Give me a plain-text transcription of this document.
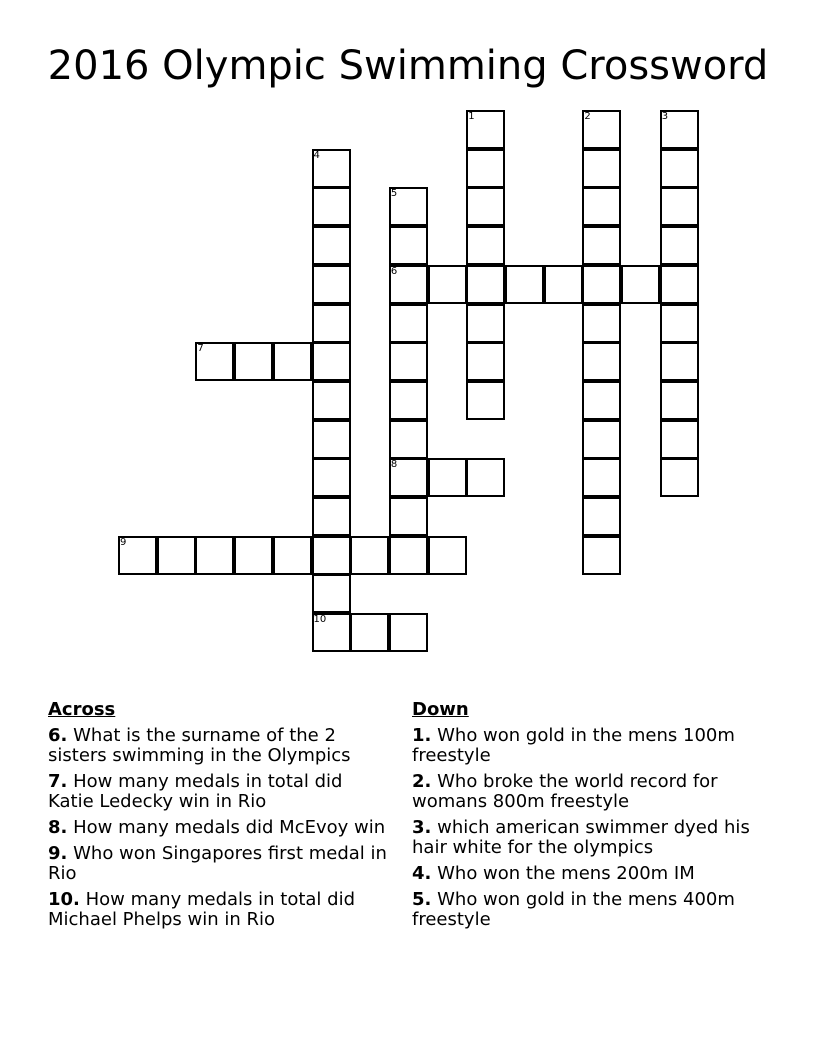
2016 Olympic Swimming Crossword
1	2	3
4
5
6
7
8
9
10
Across
6. What is the surname of the 2 sisters swimming in the Olympics
7. How many medals in total did Katie Ledecky win in Rio
8. How many medals did McEvoy win
9. Who won Singapores first medal in Rio
10. How many medals in total did Michael Phelps win in Rio
Down
1. Who won gold in the mens 100m freestyle
2. Who broke the world record for womans 800m freestyle
3. which american swimmer dyed his hair white for the olympics
4. Who won the mens 200m IM
5. Who won gold in the mens 400m freestyle
